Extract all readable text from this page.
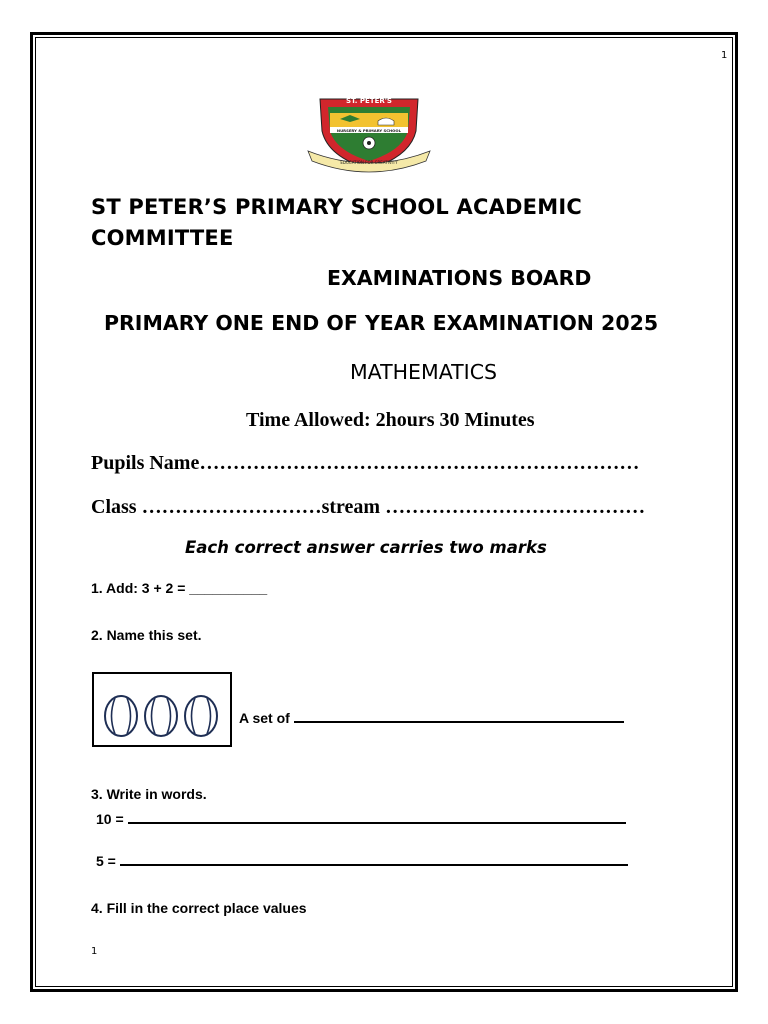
1
ST. PETER'S
NURSERY & PRIMARY SCHOOL
EDUCATION FOR CREATIVITY
ST PETER’S PRIMARY SCHOOL ACADEMIC COMMITTEE
EXAMINATIONS BOARD
PRIMARY ONE END OF YEAR EXAMINATION 2025
MATHEMATICS
Time Allowed: 2hours 30 Minutes
Pupils Name…………………………………………………………
Class ………………………stream …………………………………
Each correct answer carries two marks
1. Add: 3 + 2 = __________
2. Name this set.
A set of
3. Write in words.
10 =
5 =
4. Fill in the correct place values
1
